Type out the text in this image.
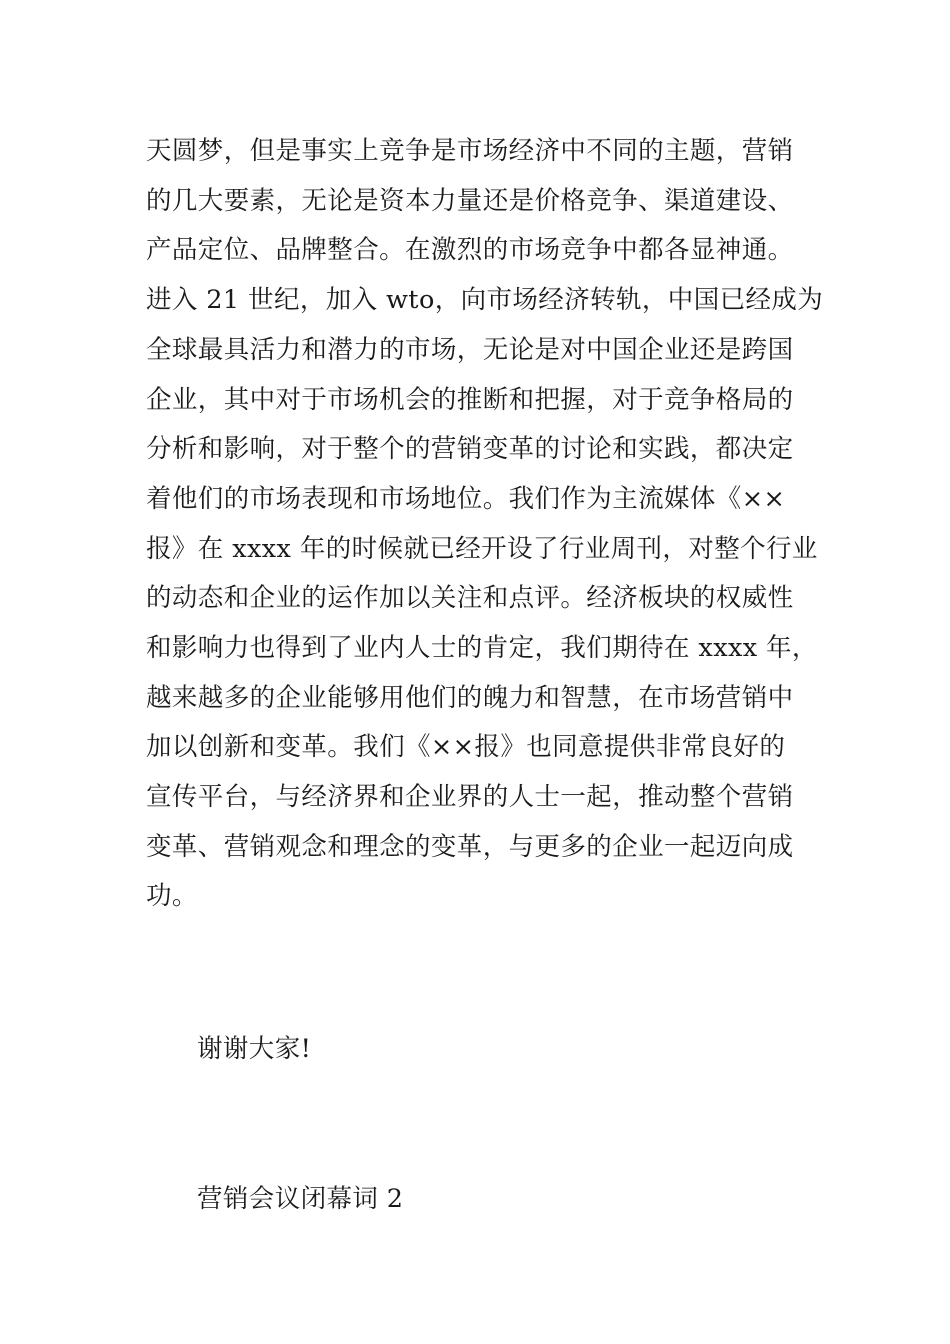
天圆梦，但是事实上竞争是市场经济中不同的主题，营销
的几大要素，无论是资本力量还是价格竞争、渠道建设、
产品定位、品牌整合。在激烈的市场竞争中都各显神通。
进入 21 世纪，加入 wto，向市场经济转轨，中国已经成为
全球最具活力和潜力的市场，无论是对中国企业还是跨国
企业，其中对于市场机会的推断和把握，对于竞争格局的
分析和影响，对于整个的营销变革的讨论和实践，都决定
着他们的市场表现和市场地位。我们作为主流媒体《××
报》在 xxxx 年的时候就已经开设了行业周刊，对整个行业
的动态和企业的运作加以关注和点评。经济板块的权威性
和影响力也得到了业内人士的肯定，我们期待在 xxxx 年，
越来越多的企业能够用他们的魄力和智慧，在市场营销中
加以创新和变革。我们《××报》也同意提供非常良好的
宣传平台，与经济界和企业界的人士一起，推动整个营销
变革、营销观念和理念的变革，与更多的企业一起迈向成
功。
谢谢大家!
营销会议闭幕词 2
